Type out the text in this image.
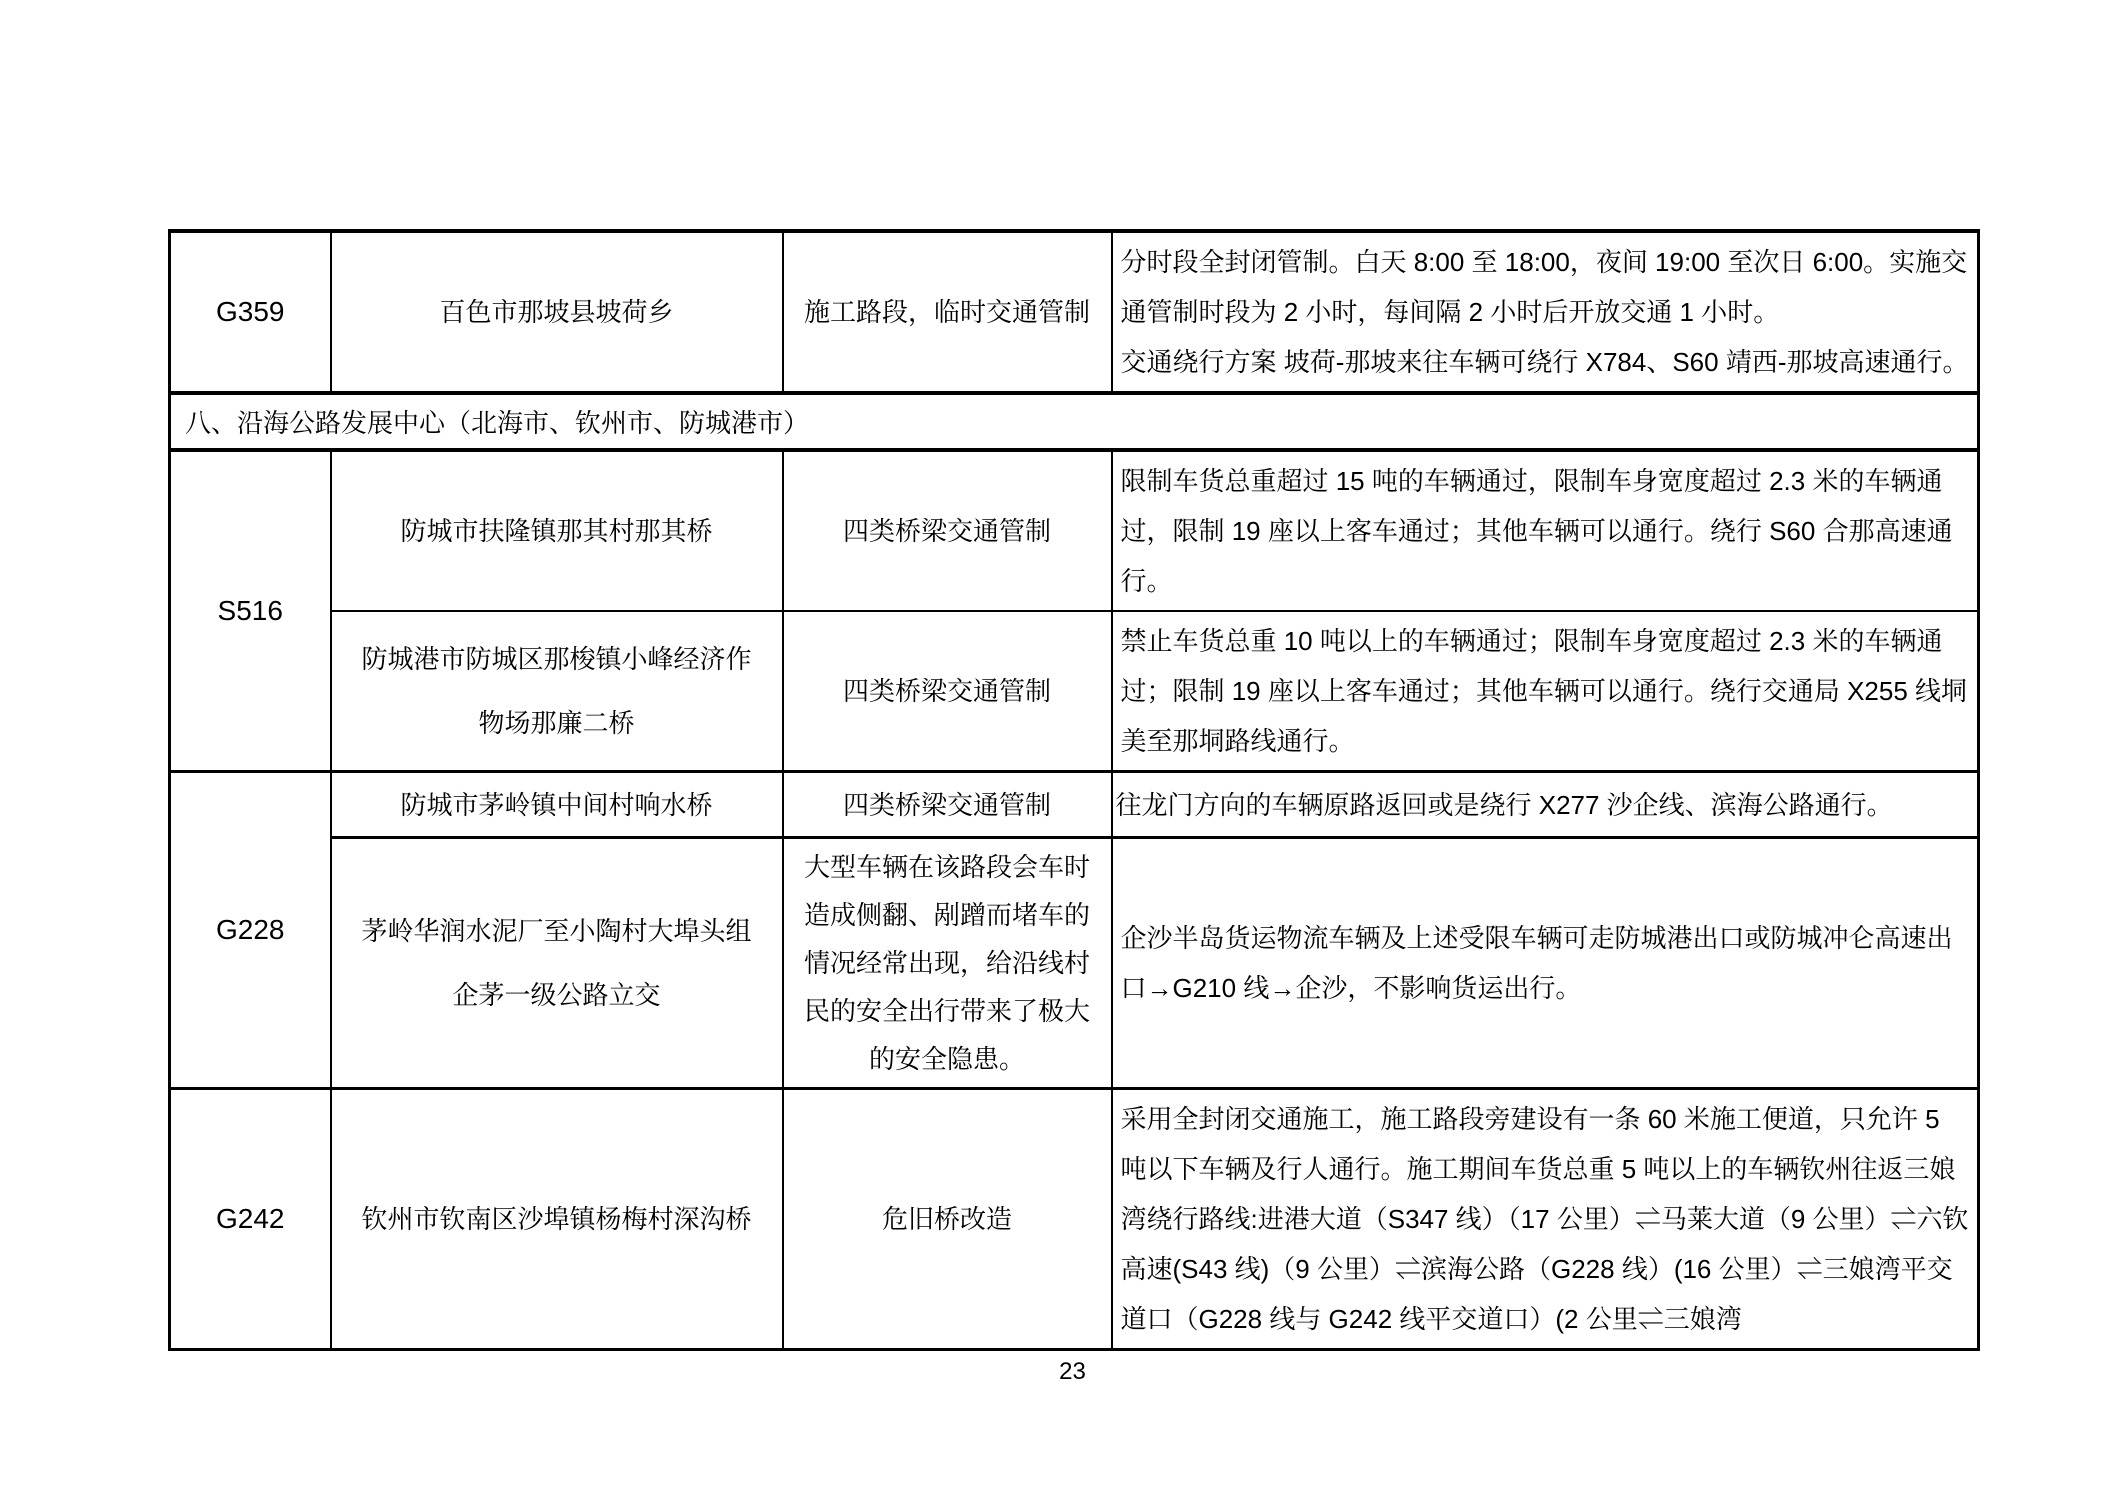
G359	百色市那坡县坡荷乡	施工路段，临时交通管制	分时段全封闭管制。白天 8:00 至 18:00，夜间 19:00 至次日 6:00。实施交通管制时段为 2 小时，每间隔 2 小时后开放交通 1 小时。
交通绕行方案 坡荷-那坡来往车辆可绕行 X784、S60 靖西-那坡高速通行。

八、沿海公路发展中心（北海市、钦州市、防城港市）			
S516	防城市扶隆镇那其村那其桥	四类桥梁交通管制	限制车货总重超过 15 吨的车辆通过，限制车身宽度超过 2.3 米的车辆通过，限制 19 座以上客车通过；其他车辆可以通行。绕行 S60 合那高速通行。
	防城港市防城区那梭镇小峰经济作物场那廉二桥	四类桥梁交通管制	禁止车货总重 10 吨以上的车辆通过；限制车身宽度超过 2.3 米的车辆通过；限制 19 座以上客车通过；其他车辆可以通行。绕行交通局 X255 线垌美至那垌路线通行。
G228	防城市茅岭镇中间村响水桥	四类桥梁交通管制	往龙门方向的车辆原路返回或是绕行 X277 沙企线、滨海公路通行。
	茅岭华润水泥厂至小陶村大埠头组企茅一级公路立交	大型车辆在该路段会车时造成侧翻、剐蹭而堵车的情况经常出现，给沿线村民的安全出行带来了极大的安全隐患。	企沙半岛货运物流车辆及上述受限车辆可走防城港出口或防城冲仑高速出口→G210 线→企沙，不影响货运出行。
G242	钦州市钦南区沙埠镇杨梅村深沟桥	危旧桥改造	采用全封闭交通施工，施工路段旁建设有一条 60 米施工便道，只允许 5 吨以下车辆及行人通行。施工期间车货总重 5 吨以上的车辆钦州往返三娘湾绕行路线:进港大道（S347 线）（17 公里）⇌马莱大道（9 公里）⇌六钦高速(S43 线)（9 公里）⇌滨海公路（G228 线）(16 公里）⇌三娘湾平交道口（G228 线与 G242 线平交道口）(2 公里⇌三娘湾
23
